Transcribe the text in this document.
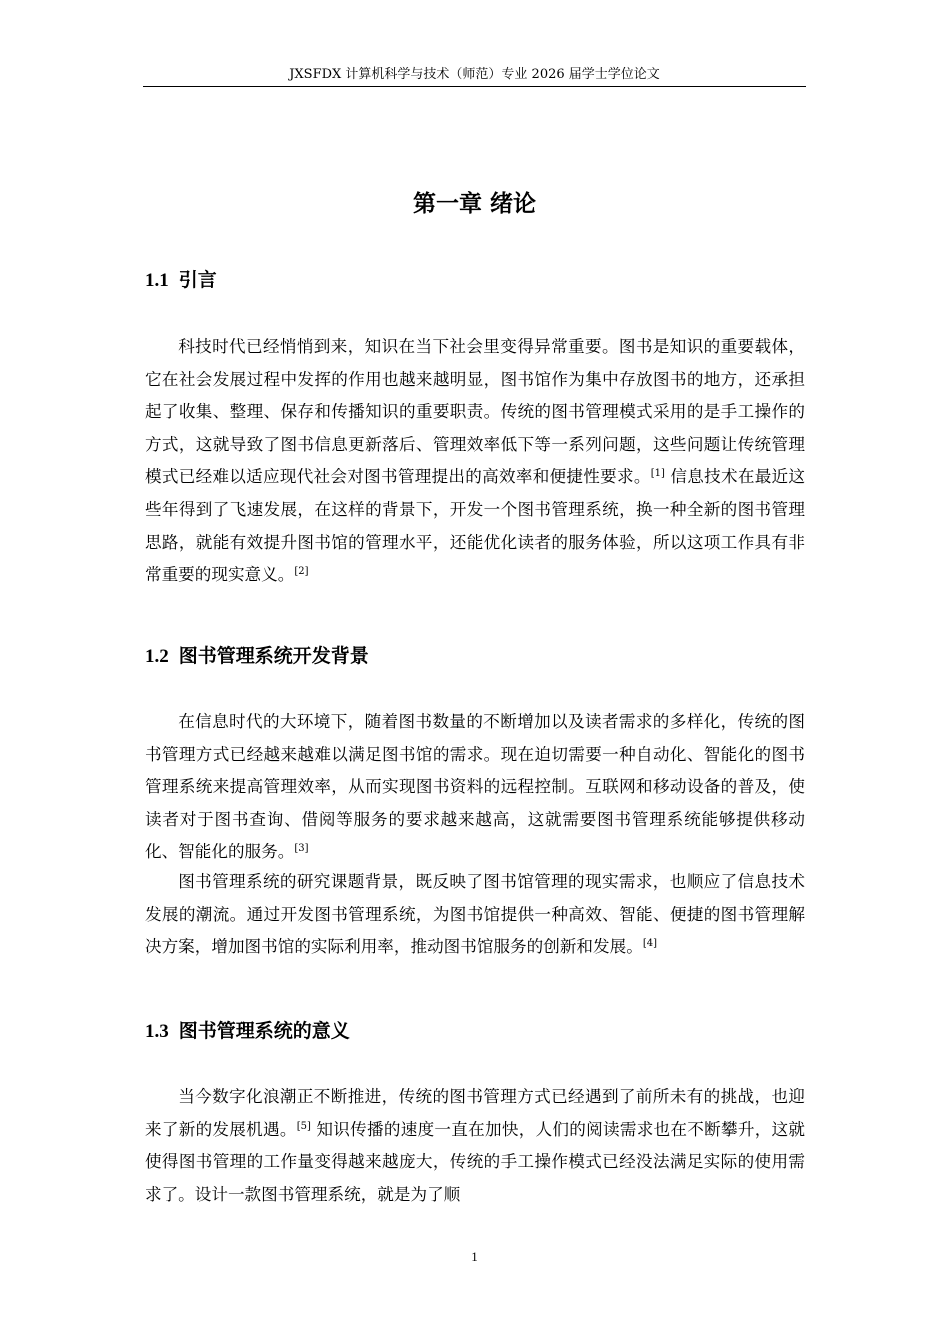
JXSFDX 计算机科学与技术（师范）专业 2026 届学士学位论文
第一章 绪论
1.1 引言

科技时代已经悄悄到来，知识在当下社会里变得异常重要。图书是知识的重要载体，它在社会发展过程中发挥的作用也越来越明显，图书馆作为集中存放图书的地方，还承担起了收集、整理、保存和传播知识的重要职责。传统的图书管理模式采用的是手工操作的方式，这就导致了图书信息更新落后、管理效率低下等一系列问题，这些问题让传统管理模式已经难以适应现代社会对图书管理提出的高效率和便捷性要求。[1] 信息技术在最近这些年得到了飞速发展，在这样的背景下，开发一个图书管理系统，换一种全新的图书管理思路，就能有效提升图书馆的管理水平，还能优化读者的服务体验，所以这项工作具有非常重要的现实意义。[2]

1.2 图书管理系统开发背景

在信息时代的大环境下，随着图书数量的不断增加以及读者需求的多样化，传统的图书管理方式已经越来越难以满足图书馆的需求。现在迫切需要一种自动化、智能化的图书管理系统来提高管理效率，从而实现图书资料的远程控制。互联网和移动设备的普及，使读者对于图书查询、借阅等服务的要求越来越高，这就需要图书管理系统能够提供移动化、智能化的服务。[3]

图书管理系统的研究课题背景，既反映了图书馆管理的现实需求，也顺应了信息技术发展的潮流。通过开发图书管理系统，为图书馆提供一种高效、智能、便捷的图书管理解决方案，增加图书馆的实际利用率，推动图书馆服务的创新和发展。[4]

1.3 图书管理系统的意义

当今数字化浪潮正不断推进，传统的图书管理方式已经遇到了前所未有的挑战，也迎来了新的发展机遇。[5] 知识传播的速度一直在加快，人们的阅读需求也在不断攀升，这就使得图书管理的工作量变得越来越庞大，传统的手工操作模式已经没法满足实际的使用需求了。设计一款图书管理系统，就是为了顺

1
